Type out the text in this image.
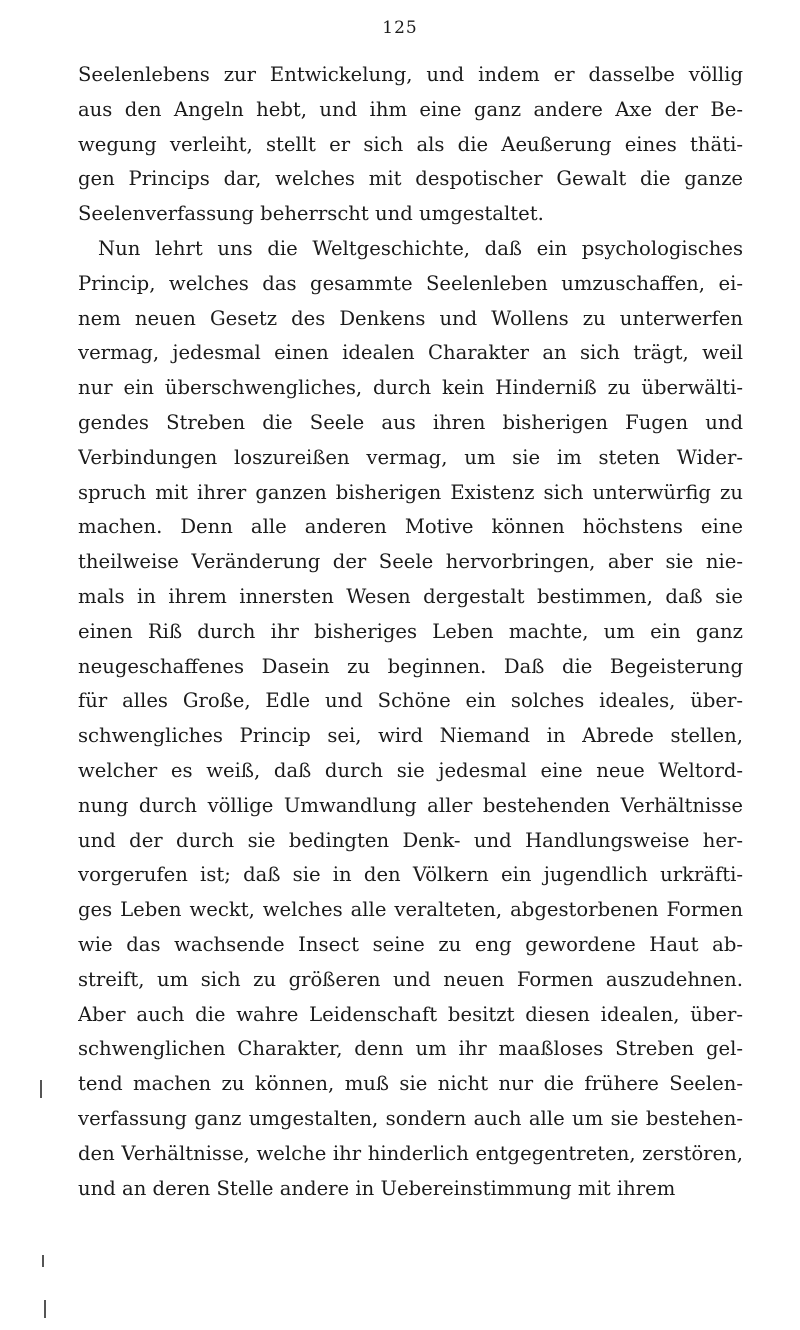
125
Seelenlebens zur Entwickelung, und indem er dasselbe völlig
aus den Angeln hebt, und ihm eine ganz andere Axe der Be-
wegung verleiht, stellt er sich als die Aeußerung eines thäti-
gen Princips dar, welches mit despotischer Gewalt die ganze
Seelenverfassung beherrscht und umgestaltet.
Nun lehrt uns die Weltgeschichte, daß ein psychologisches
Princip, welches das gesammte Seelenleben umzuschaffen, ei-
nem neuen Gesetz des Denkens und Wollens zu unterwerfen
vermag, jedesmal einen idealen Charakter an sich trägt, weil
nur ein überschwengliches, durch kein Hinderniß zu überwälti-
gendes Streben die Seele aus ihren bisherigen Fugen und
Verbindungen loszureißen vermag, um sie im steten Wider-
spruch mit ihrer ganzen bisherigen Existenz sich unterwürfig zu
machen. Denn alle anderen Motive können höchstens eine
theilweise Veränderung der Seele hervorbringen, aber sie nie-
mals in ihrem innersten Wesen dergestalt bestimmen, daß sie
einen Riß durch ihr bisheriges Leben machte, um ein ganz
neugeschaffenes Dasein zu beginnen. Daß die Begeisterung
für alles Große, Edle und Schöne ein solches ideales, über-
schwengliches Princip sei, wird Niemand in Abrede stellen,
welcher es weiß, daß durch sie jedesmal eine neue Weltord-
nung durch völlige Umwandlung aller bestehenden Verhältnisse
und der durch sie bedingten Denk- und Handlungsweise her-
vorgerufen ist; daß sie in den Völkern ein jugendlich urkräfti-
ges Leben weckt, welches alle veralteten, abgestorbenen Formen
wie das wachsende Insect seine zu eng gewordene Haut ab-
streift, um sich zu größeren und neuen Formen auszudehnen.
Aber auch die wahre Leidenschaft besitzt diesen idealen, über-
schwenglichen Charakter, denn um ihr maaßloses Streben gel-
tend machen zu können, muß sie nicht nur die frühere Seelen-
verfassung ganz umgestalten, sondern auch alle um sie bestehen-
den Verhältnisse, welche ihr hinderlich entgegentreten, zerstören,
und an deren Stelle andere in Uebereinstimmung mit ihrem
